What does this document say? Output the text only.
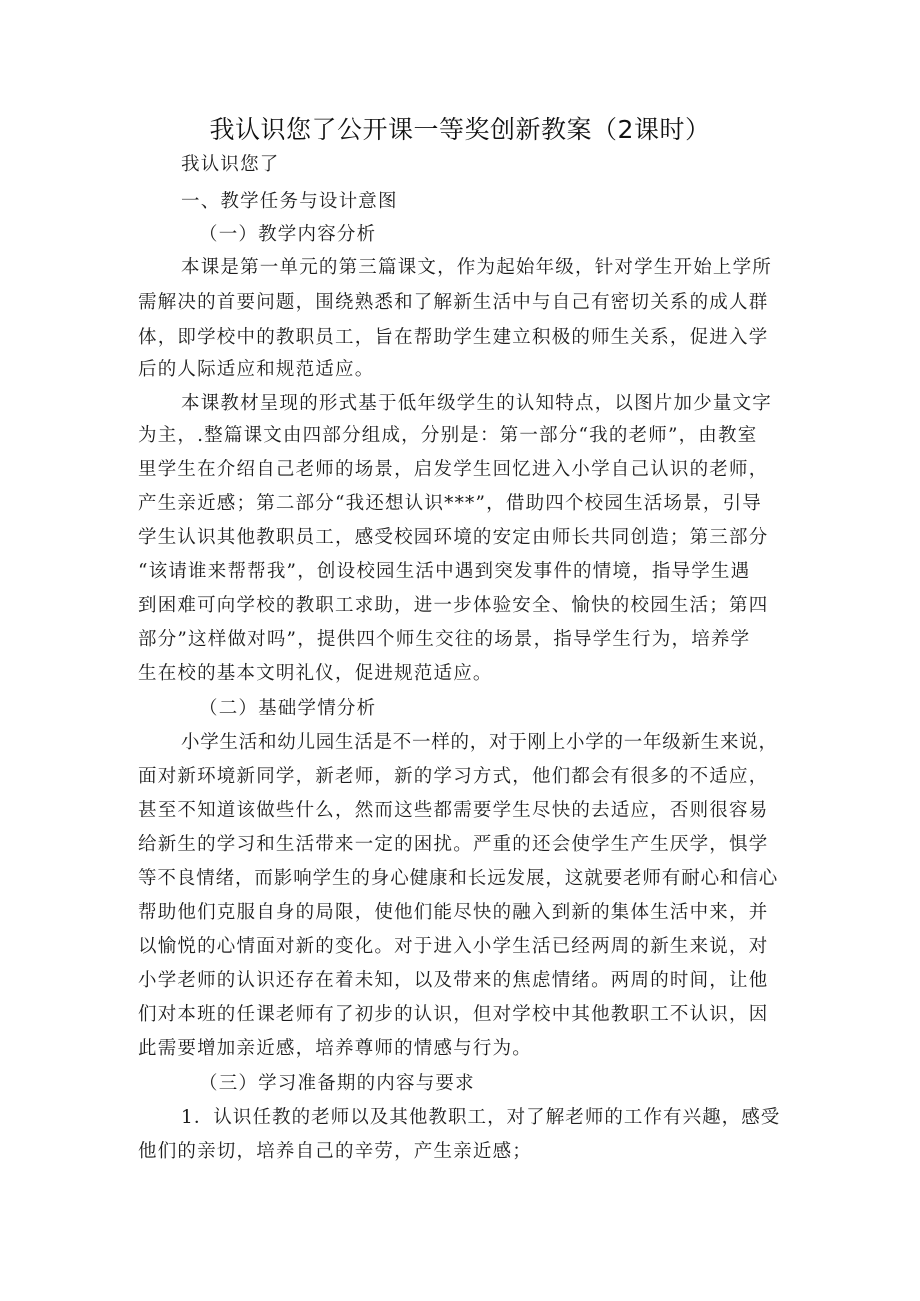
我认识您了公开课一等奖创新教案（2课时）
我认识您了
一、教学任务与设计意图
（一）教学内容分析
本课是第一单元的第三篇课文，作为起始年级，针对学生开始上学所
需解决的首要问题，围绕熟悉和了解新生活中与自己有密切关系的成人群
体，即学校中的教职员工，旨在帮助学生建立积极的师生关系，促进入学
后的人际适应和规范适应。
本课教材呈现的形式基于低年级学生的认知特点，以图片加少量文字
为主，.整篇课文由四部分组成，分别是：第一部分“我的老师”，由教室
里学生在介绍自己老师的场景，启发学生回忆进入小学自己认识的老师，
产生亲近感；第二部分“我还想认识***”，借助四个校园生活场景，引导
学生认识其他教职员工，感受校园环境的安定由师长共同创造；第三部分
“该请谁来帮帮我”，创设校园生活中遇到突发事件的情境，指导学生遇
到困难可向学校的教职工求助，进一步体验安全、愉快的校园生活；第四
部分”这样做对吗”，提供四个师生交往的场景，指导学生行为，培养学
生在校的基本文明礼仪，促进规范适应。
（二）基础学情分析
小学生活和幼儿园生活是不一样的，对于刚上小学的一年级新生来说，
面对新环境新同学，新老师，新的学习方式，他们都会有很多的不适应，
甚至不知道该做些什么，然而这些都需要学生尽快的去适应，否则很容易
给新生的学习和生活带来一定的困扰。严重的还会使学生产生厌学，惧学
等不良情绪，而影响学生的身心健康和长远发展，这就要老师有耐心和信心
帮助他们克服自身的局限，使他们能尽快的融入到新的集体生活中来，并
以愉悦的心情面对新的变化。对于进入小学生活已经两周的新生来说，对
小学老师的认识还存在着未知，以及带来的焦虑情绪。两周的时间，让他
们对本班的任课老师有了初步的认识，但对学校中其他教职工不认识，因
此需要增加亲近感，培养尊师的情感与行为。
（三）学习准备期的内容与要求
1．认识任教的老师以及其他教职工，对了解老师的工作有兴趣，感受
他们的亲切，培养自己的辛劳，产生亲近感；
